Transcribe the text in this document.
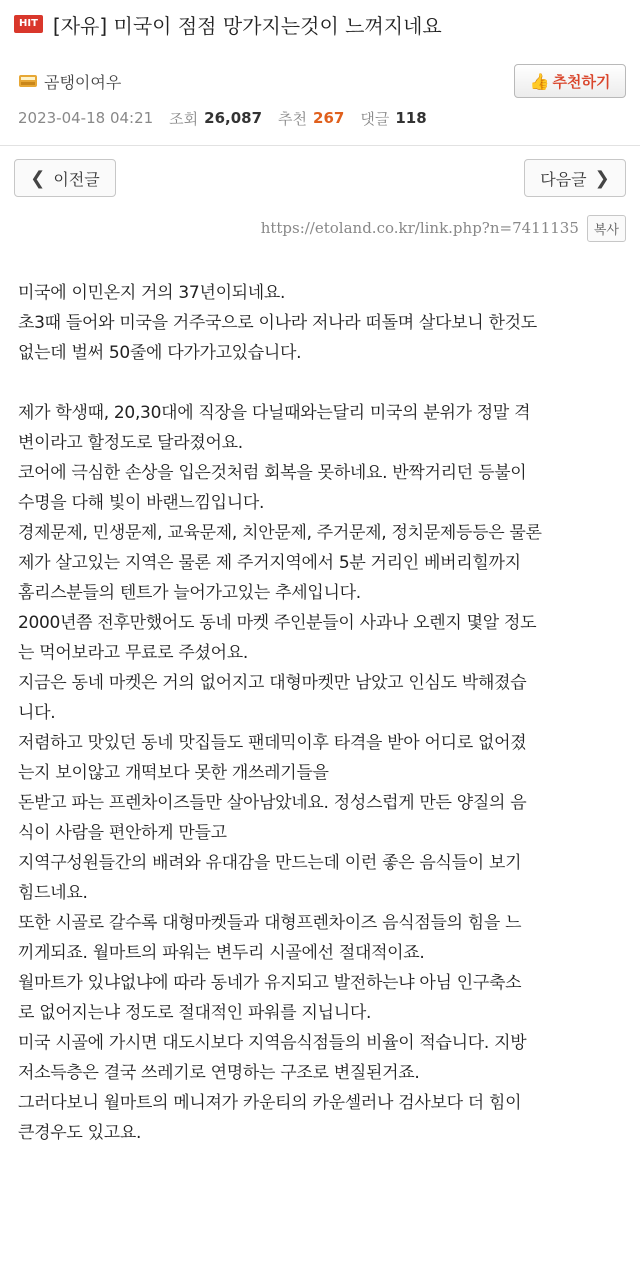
HIT [자유] 미국이 점점 망가지는것이 느껴지네요
곰탱이여우	👍 추천하기
2023-04-18 04:21 조회 26,087 추천 267 댓글 118
❮ 이전글	다음글 ❯
https://etoland.co.kr/link.php?n=7411135	복사
미국에 이민온지 거의 37년이되네요.
초3때 들어와 미국을 거주국으로 이나라 저나라 떠돌며 살다보니 한것도
없는데 벌써 50줄에 다가가고있습니다.
제가 학생때, 20,30대에 직장을 다닐때와는달리 미국의 분위가 정말 격
변이라고 할정도로 달라졌어요.
코어에 극심한 손상을 입은것처럼 회복을 못하네요. 반짝거리던 등불이
수명을 다해 빛이 바랜느낌입니다.
경제문제, 민생문제, 교육문제, 치안문제, 주거문제, 정치문제등등은 물론
제가 살고있는 지역은 물론 제 주거지역에서 5분 거리인 베버리힐까지
홈리스분들의 텐트가 늘어가고있는 추세입니다.
2000년쯤 전후만했어도 동네 마켓 주인분들이 사과나 오렌지 몇알 정도
는 먹어보라고 무료로 주셨어요.
지금은 동네 마켓은 거의 없어지고 대형마켓만 남았고 인심도 박해졌습
니다.
저렴하고 맛있던 동네 맛집들도 팬데믹이후 타격을 받아 어디로 없어졌
는지 보이않고 개떡보다 못한 개쓰레기들을
돈받고 파는 프렌차이즈들만 살아남았네요. 정성스럽게 만든 양질의 음
식이 사람을 편안하게 만들고
지역구성원들간의 배려와 유대감을 만드는데 이런 좋은 음식들이 보기
힘드네요.
또한 시골로 갈수록 대형마켓들과 대형프렌차이즈 음식점들의 힘을 느
끼게되죠. 월마트의 파워는 변두리 시골에선 절대적이죠.
월마트가 있냐없냐에 따라 동네가 유지되고 발전하는냐 아님 인구축소
로 없어지는냐 정도로 절대적인 파워를 지닙니다.
미국 시골에 가시면 대도시보다 지역음식점들의 비율이 적습니다. 지방
저소득층은 결국 쓰레기로 연명하는 구조로 변질된거죠.
그러다보니 월마트의 메니져가 카운티의 카운셀러나 검사보다 더 힘이
큰경우도 있고요.
